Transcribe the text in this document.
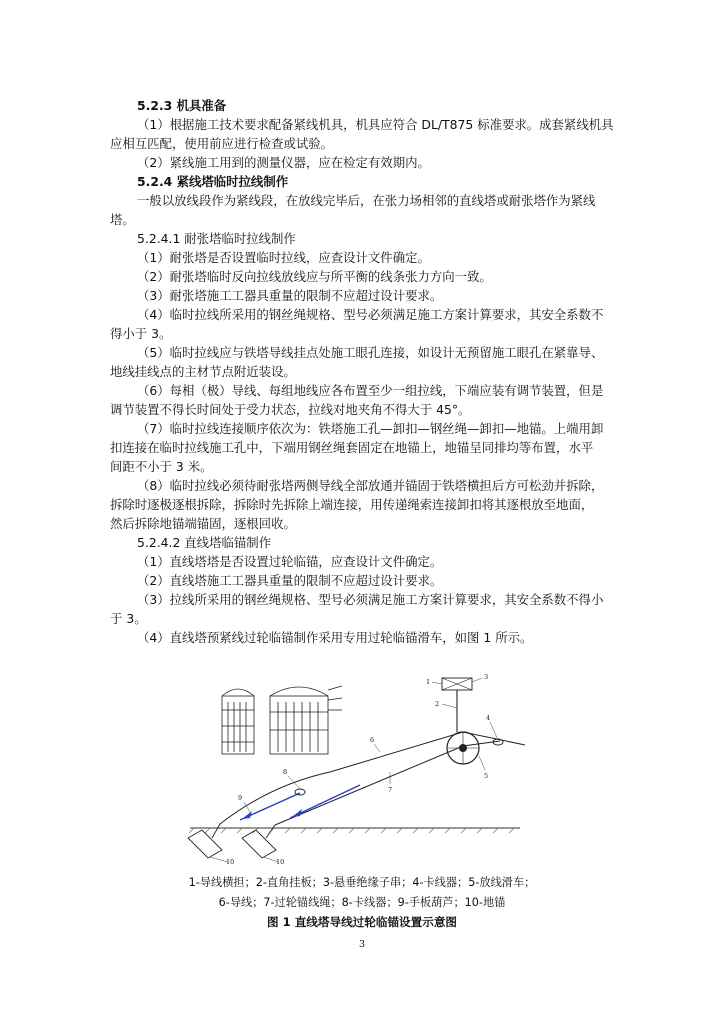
5.2.3 机具准备
（1）根据施工技术要求配备紧线机具，机具应符合 DL/T875 标准要求。成套紧线机具
应相互匹配，使用前应进行检查或试验。
（2）紧线施工用到的测量仪器，应在检定有效期内。
5.2.4 紧线塔临时拉线制作
一般以放线段作为紧线段，在放线完毕后，在张力场相邻的直线塔或耐张塔作为紧线
塔。
5.2.4.1 耐张塔临时拉线制作
（1）耐张塔是否设置临时拉线，应查设计文件确定。
（2）耐张塔临时反向拉线放线应与所平衡的线条张力方向一致。
（3）耐张塔施工工器具重量的限制不应超过设计要求。
（4）临时拉线所采用的钢丝绳规格、型号必须满足施工方案计算要求，其安全系数不
得小于 3。
（5）临时拉线应与铁塔导线挂点处施工眼孔连接，如设计无预留施工眼孔在紧靠导、
地线挂线点的主材节点附近装设。
（6）每相（极）导线、每组地线应各布置至少一组拉线，下端应装有调节装置，但是
调节装置不得长时间处于受力状态，拉线对地夹角不得大于 45°。
（7）临时拉线连接顺序依次为：铁塔施工孔—卸扣—钢丝绳—卸扣—地锚。上端用卸
扣连接在临时拉线施工孔中，下端用钢丝绳套固定在地锚上，地锚呈同排均等布置，水平
间距不小于 3 米。
（8）临时拉线必须待耐张塔两侧导线全部放通并锚固于铁塔横担后方可松劲并拆除，
拆除时逐极逐根拆除，拆除时先拆除上端连接，用传递绳索连接卸扣将其逐根放至地面，
然后拆除地锚端锚固，逐根回收。
5.2.4.2 直线塔临锚制作
（1）直线塔塔是否设置过轮临锚，应查设计文件确定。
（2）直线塔施工工器具重量的限制不应超过设计要求。
（3）拉线所采用的钢丝绳规格、型号必须满足施工方案计算要求，其安全系数不得小
于 3。
（4）直线塔预紧线过轮临锚制作采用专用过轮临锚滑车，如图 1 所示。
1
2
3
4
5
6
7
8
9
10	10
1-导线横担；2-直角挂板；3-悬垂绝缘子串；4-卡线器；5-放线滑车；
6-导线；7-过轮锚线绳；8-卡线器；9-手板葫芦；10-地锚
图 1 直线塔导线过轮临锚设置示意图
3
